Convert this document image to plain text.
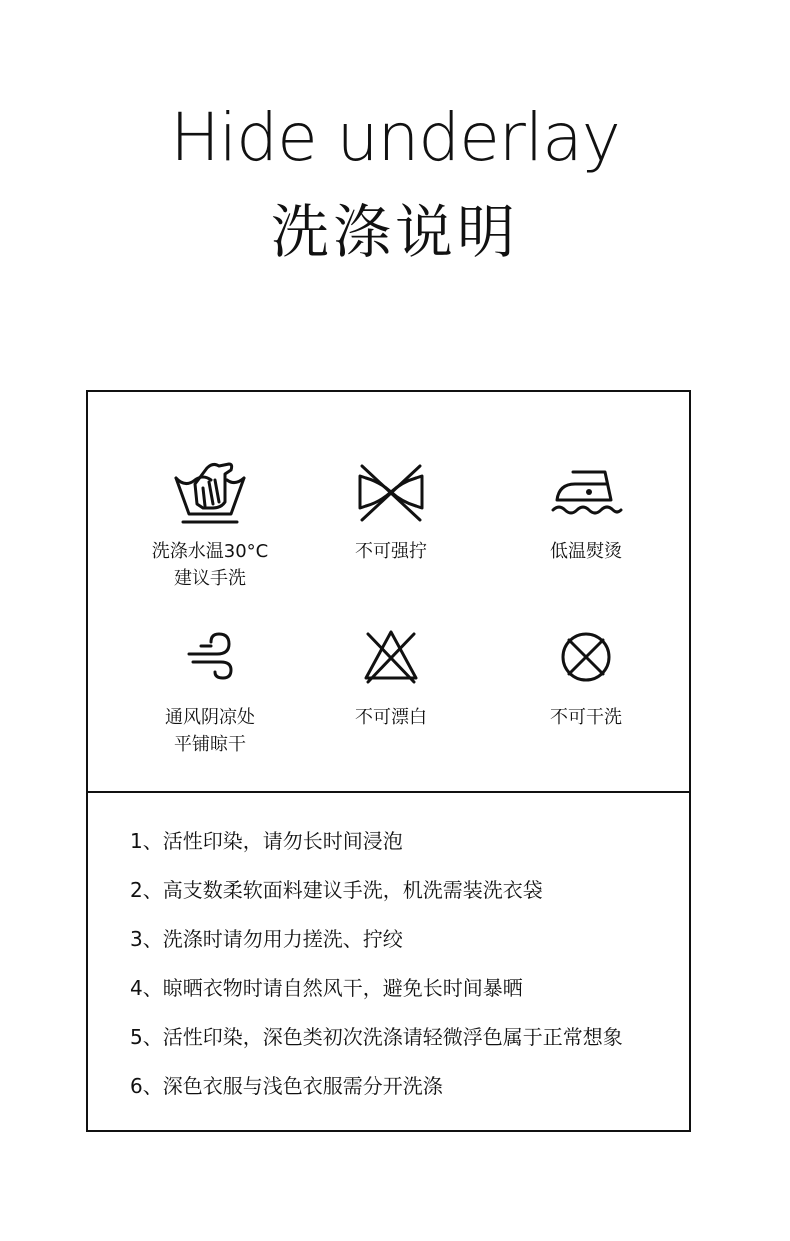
Hide underlay
洗涤说明
洗涤水温30°C
建议手洗
不可强拧	低温熨烫
通风阴凉处
平铺晾干
不可漂白	不可干洗
1、活性印染，请勿长时间浸泡
2、高支数柔软面料建议手洗，机洗需装洗衣袋
3、洗涤时请勿用力搓洗、拧绞
4、晾晒衣物时请自然风干，避免长时间暴晒
5、活性印染，深色类初次洗涤请轻微浮色属于正常想象
6、深色衣服与浅色衣服需分开洗涤
